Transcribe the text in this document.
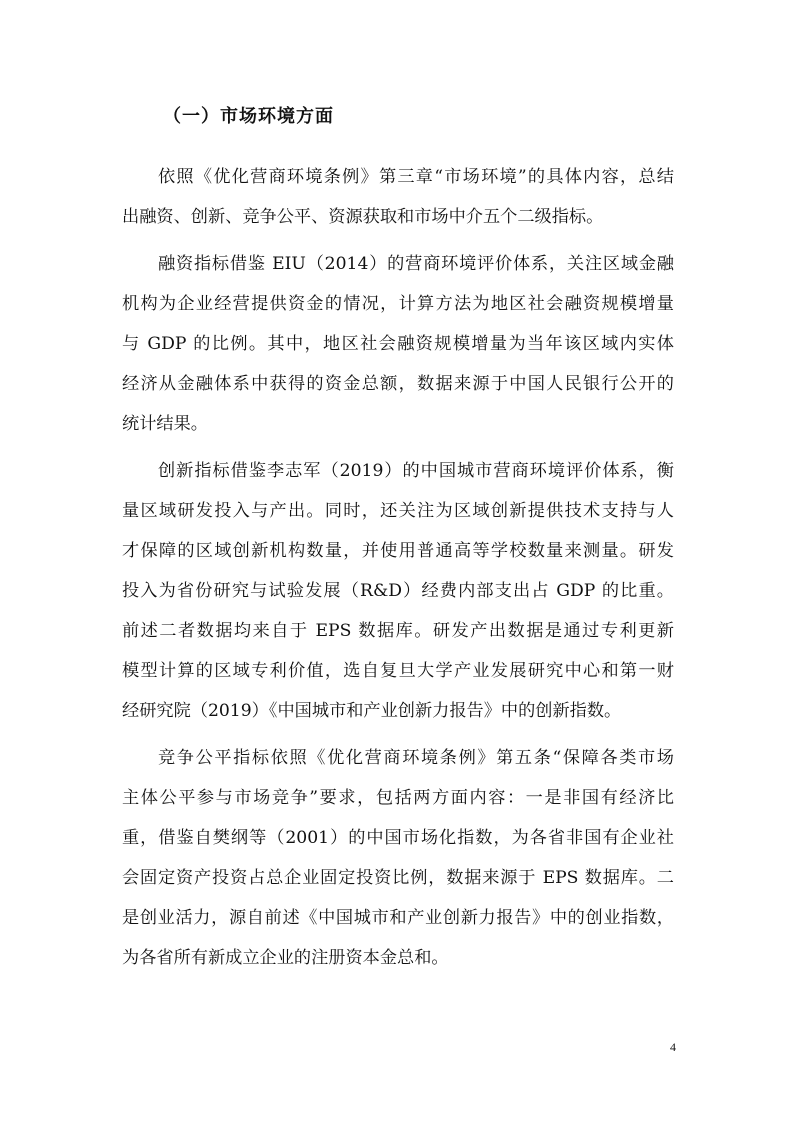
（一）市场环境方面

依照《优化营商环境条例》第三章“市场环境”的具体内容，总结
出融资、创新、竞争公平、资源获取和市场中介五个二级指标。

融资指标借鉴 EIU（2014）的营商环境评价体系，关注区域金融
机构为企业经营提供资金的情况，计算方法为地区社会融资规模增量
与 GDP 的比例。其中，地区社会融资规模增量为当年该区域内实体
经济从金融体系中获得的资金总额，数据来源于中国人民银行公开的
统计结果。

创新指标借鉴李志军（2019）的中国城市营商环境评价体系，衡
量区域研发投入与产出。同时，还关注为区域创新提供技术支持与人
才保障的区域创新机构数量，并使用普通高等学校数量来测量。研发
投入为省份研究与试验发展（R&D）经费内部支出占 GDP 的比重。
前述二者数据均来自于 EPS 数据库。研发产出数据是通过专利更新
模型计算的区域专利价值，选自复旦大学产业发展研究中心和第一财
经研究院（2019）《中国城市和产业创新力报告》中的创新指数。

竞争公平指标依照《优化营商环境条例》第五条“保障各类市场
主体公平参与市场竞争”要求，包括两方面内容：一是非国有经济比
重，借鉴自樊纲等（2001）的中国市场化指数，为各省非国有企业社
会固定资产投资占总企业固定投资比例，数据来源于 EPS 数据库。二
是创业活力，源自前述《中国城市和产业创新力报告》中的创业指数，
为各省所有新成立企业的注册资本金总和。

4
